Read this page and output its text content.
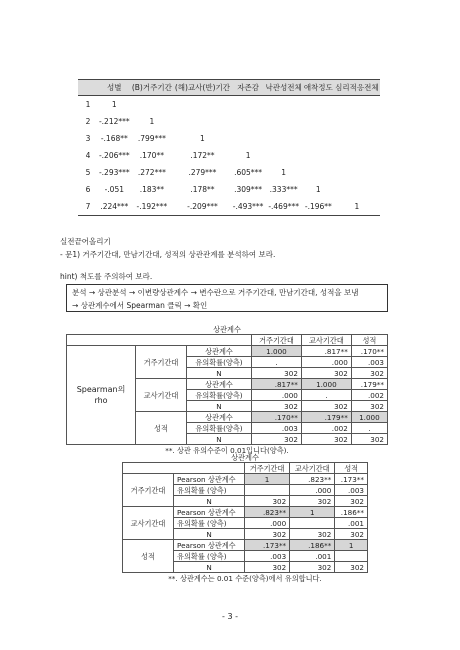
	성별	(B)거주기간	(해)교사(반)기간	자존감	낙관성전체	애착정도	심리적응전체
1	1						
2	-.212***	1					
3	-.168**	.799***	1				
4	-.206***	.170**	.172**	1			
5	-.293***	.272***	.279***	.605***	1		
6	-.051	.183**	.178**	.309***	.333***	1	
7	.224***	-.192***	-.209***	-.493***	-.469***	-.196**	1
실전끝어올리기
- 문1) 거주기간대, 만남기간대, 성적의 상관관계를 분석하여 보라.
hint) 척도를 주의하여 보라.
분석 → 상관분석 → 이변량상관계수 → 변수란으로 거주기간대, 만남기간대, 성적을 보냄
→ 상관계수에서 Spearman 클릭 → 확인
상관계수					
			거주기간대	교사기간대	성적
Spearman의 rho	거주기간대	상관계수	1.000	.817**	.170**
		유의확률(양측)	.	.000	.003
		N	302	302	302
	교사기간대	상관계수	.817**	1.000	.179**
		유의확률(양측)	.000	.	.002
		N	302	302	302
	성적	상관계수	.170**	.179**	1.000
		유의확률(양측)	.003	.002	.
		N	302	302	302
**. 상관 유의수준이 0.01입니다(양측).					
상관계수				
		거주기간대	교사기간대	성적
거주기간대	Pearson 상관계수	1	.823**	.173**
	유의확률 (양측)		.000	.003
	N	302	302	302
교사기간대	Pearson 상관계수	.823**	1	.186**
	유의확률 (양측)	.000		.001
	N	302	302	302
성적	Pearson 상관계수	.173**	.186**	1
	유의확률 (양측)	.003	.001	
	N	302	302	302
**. 상관계수는 0.01 수준(양측)에서 유의합니다.				
- 3 -
